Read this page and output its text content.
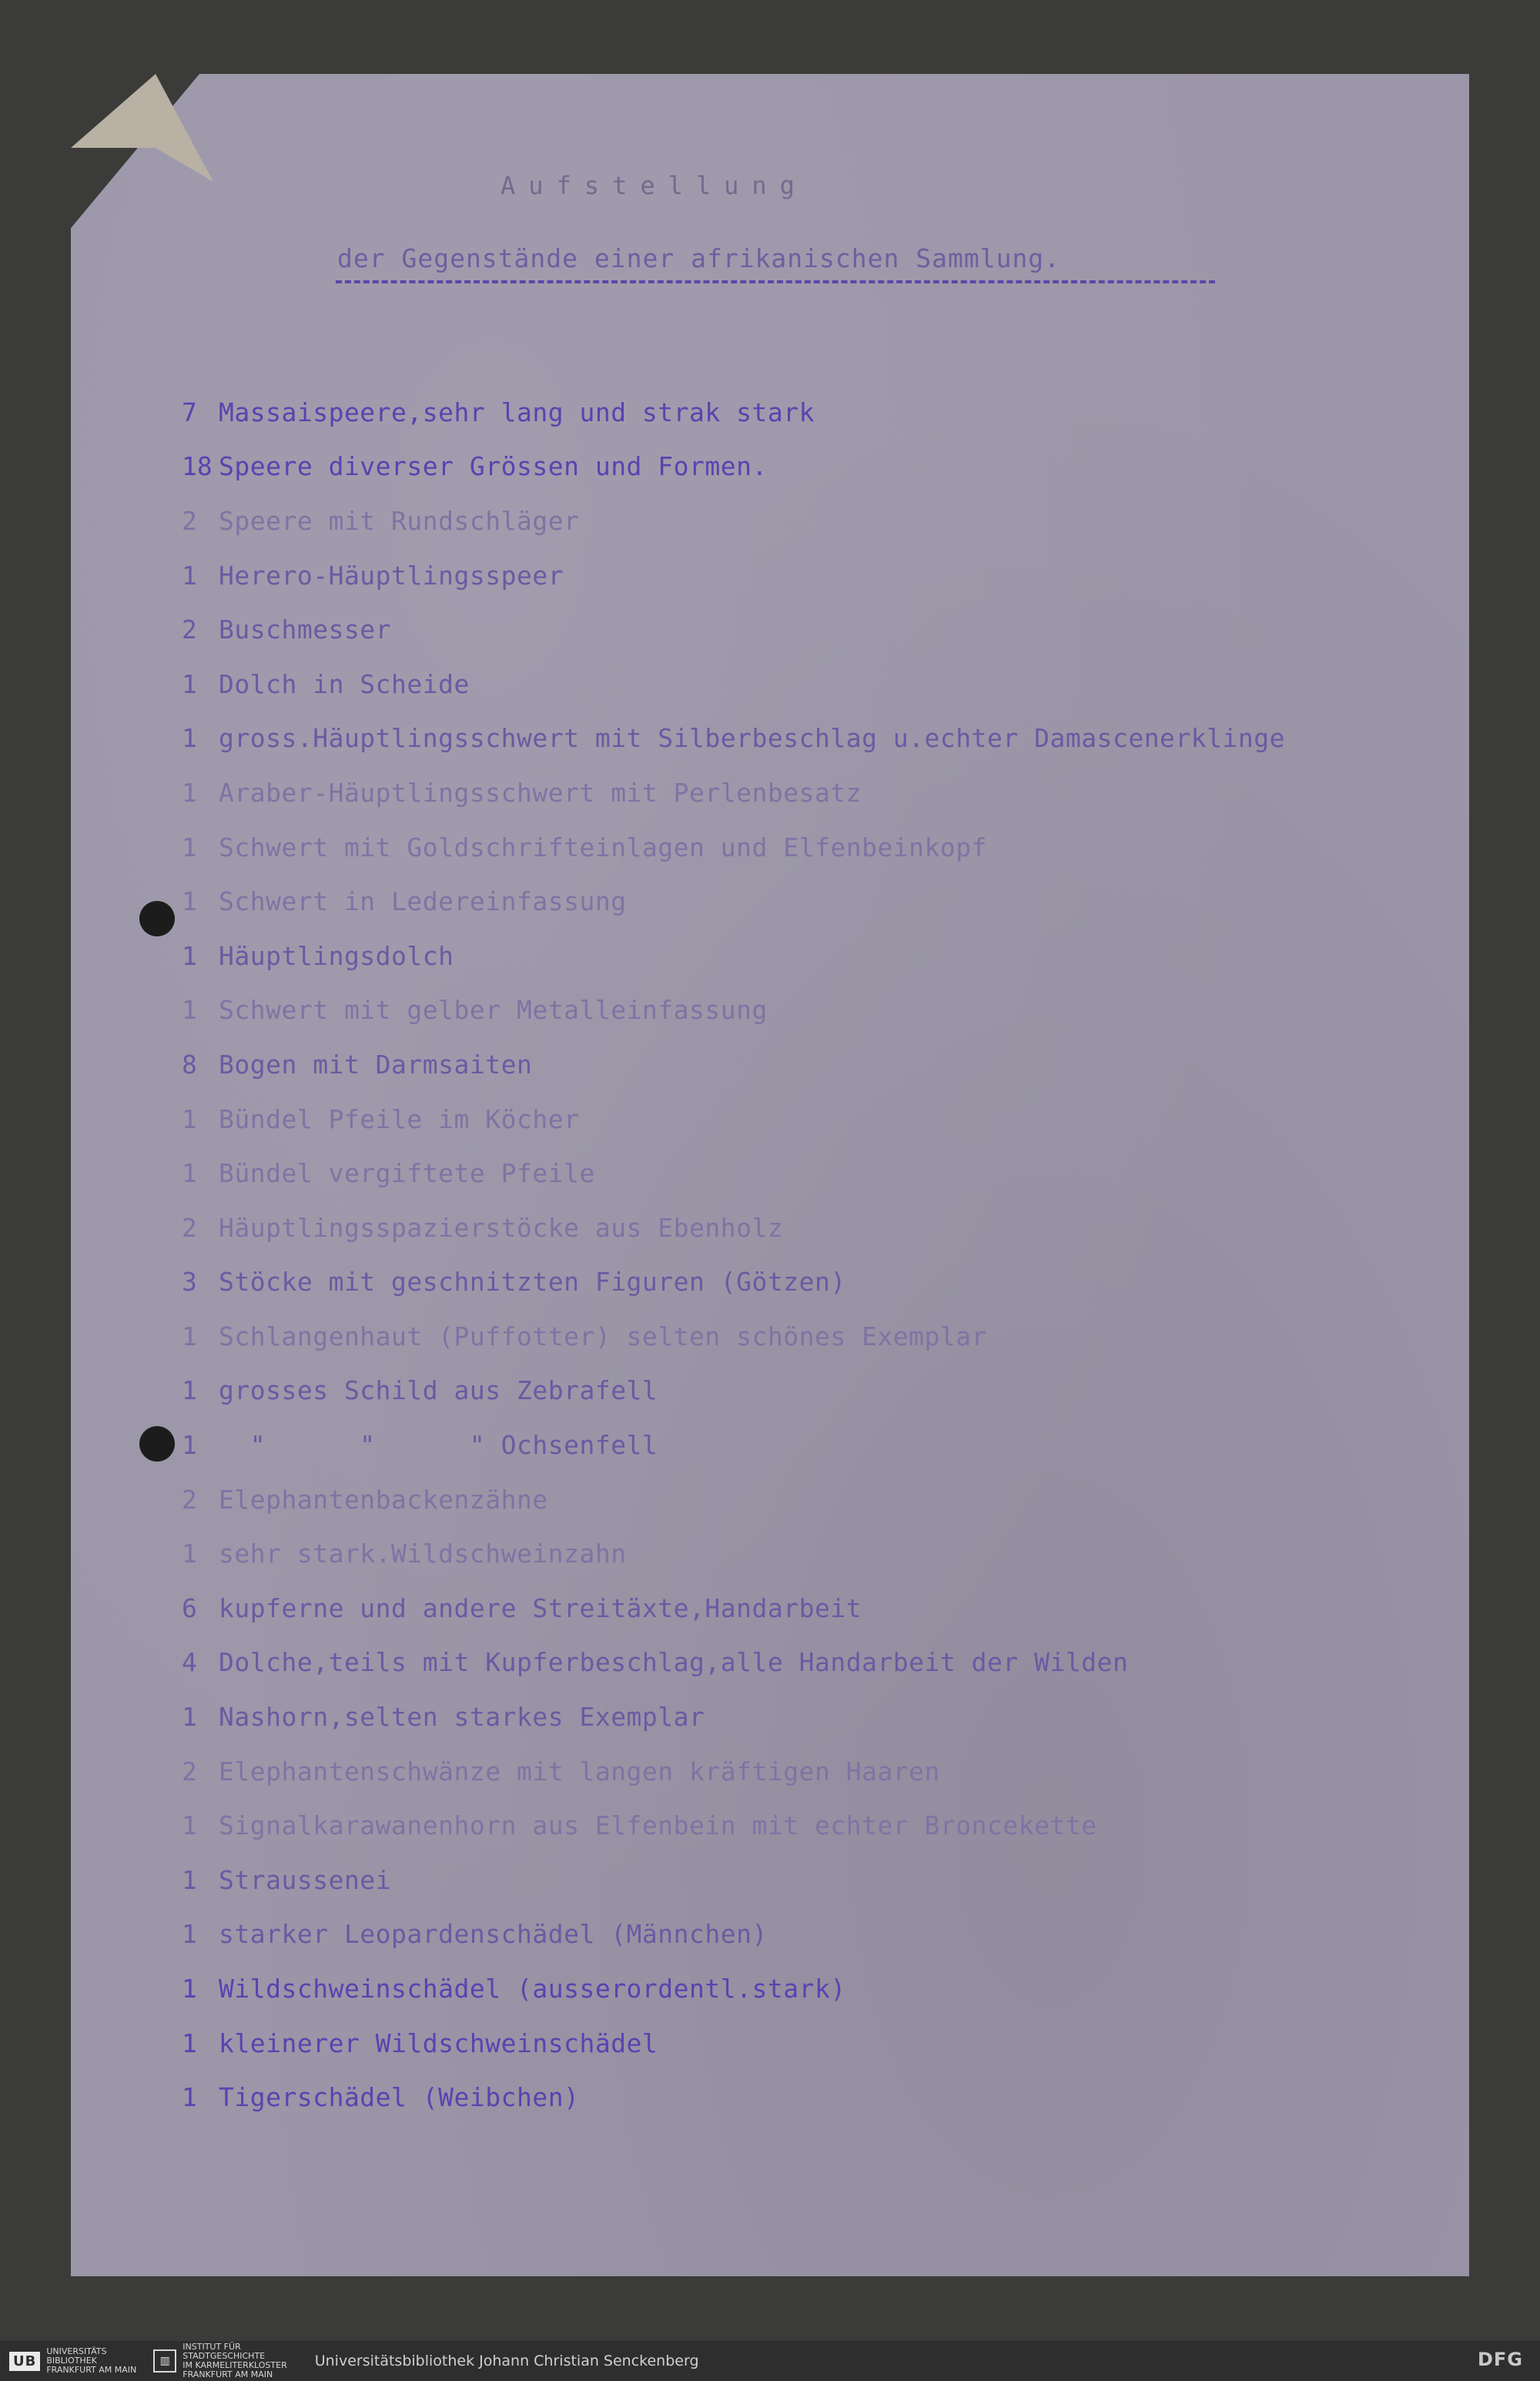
Aufstellung
der Gegenstände einer afrikanischen Sammlung.
7 Massaispeere,sehr lang und strak stark
18 Speere diverser Grössen und Formen.
2 Speere mit Rundschläger
1 Herero-Häuptlingsspeer
2 Buschmesser
1 Dolch in Scheide
1 gross.Häuptlingsschwert mit Silberbeschlag u.echter Damascenerklinge
1 Araber-Häuptlingsschwert mit Perlenbesatz
1 Schwert mit Goldschrifteinlagen und Elfenbeinkopf
1 Schwert in Ledereinfassung
1 Häuptlingsdolch
1 Schwert mit gelber Metalleinfassung
8 Bogen mit Darmsaiten
1 Bündel Pfeile im Köcher
1 Bündel vergiftete Pfeile
2 Häuptlingsspazierstöcke aus Ebenholz
3 Stöcke mit geschnitzten Figuren (Götzen)
1 Schlangenhaut (Puffotter) selten schönes Exemplar
1 grosses Schild aus Zebrafell
1 "      "      " Ochsenfell
2 Elephantenbackenzähne
1 sehr stark.Wildschweinzahn
6 kupferne und andere Streitäxte,Handarbeit
4 Dolche,teils mit Kupferbeschlag,alle Handarbeit der Wilden
1 Nashorn,selten starkes Exemplar
2 Elephantenschwänze mit langen kräftigen Haaren
1 Signalkarawanenhorn aus Elfenbein mit echter Broncekette
1 Straussenei
1 starker Leopardenschädel (Männchen)
1 Wildschweinschädel (ausserordentl.stark)
1 kleinerer Wildschweinschädel
1 Tigerschädel (Weibchen)
UB
UNIVERSITÄTS
BIBLIOTHEK
FRANKFURT AM MAIN
▥
INSTITUT FÜR
STADTGESCHICHTE
IM KARMELITERKLOSTER
FRANKFURT AM MAIN
Universitätsbibliothek Johann Christian Senckenberg	DFG
